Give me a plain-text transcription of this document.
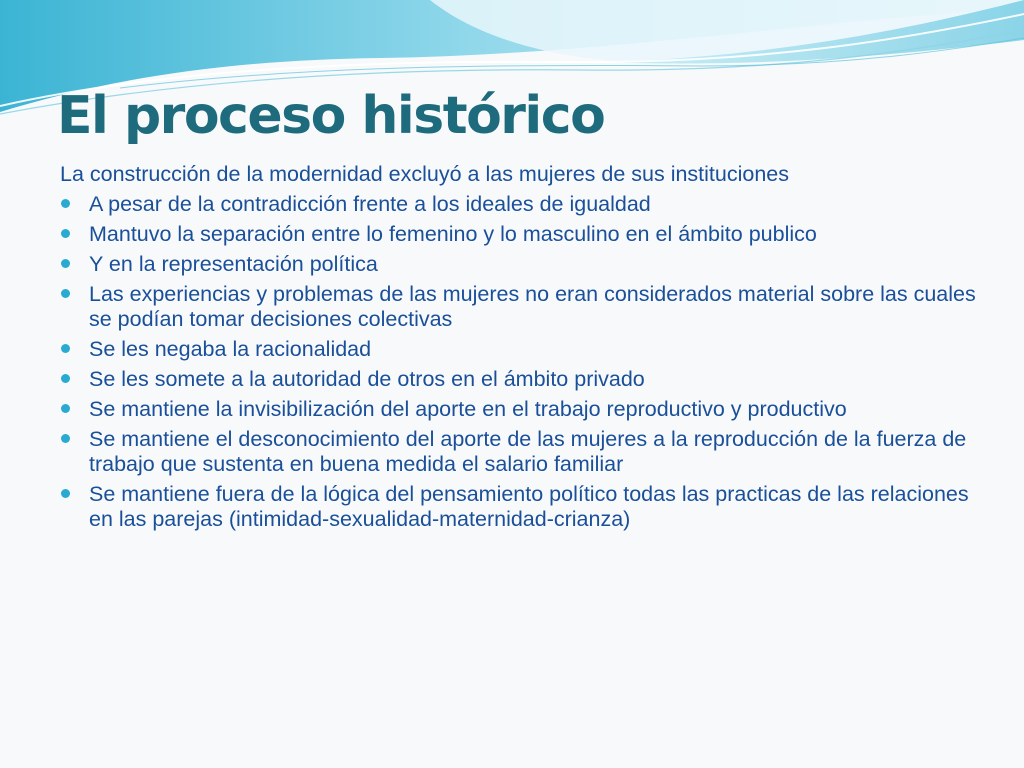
El proceso histórico

La construcción de la modernidad excluyó a las mujeres de sus instituciones

A pesar de la contradicción frente a los ideales de igualdad
Mantuvo la separación entre lo femenino y lo masculino en el ámbito publico
Y en la representación política
Las experiencias y problemas de las mujeres no eran considerados material sobre las cuales se podían tomar decisiones colectivas
Se les negaba la racionalidad
Se les somete a la autoridad de otros en el ámbito privado
Se mantiene la invisibilización del aporte en el trabajo reproductivo y productivo
Se mantiene el desconocimiento del aporte de las mujeres a la reproducción de la fuerza de trabajo que sustenta en buena medida el salario familiar
Se mantiene fuera de la lógica del pensamiento político todas las practicas de las relaciones en las parejas (intimidad-sexualidad-maternidad-crianza)
